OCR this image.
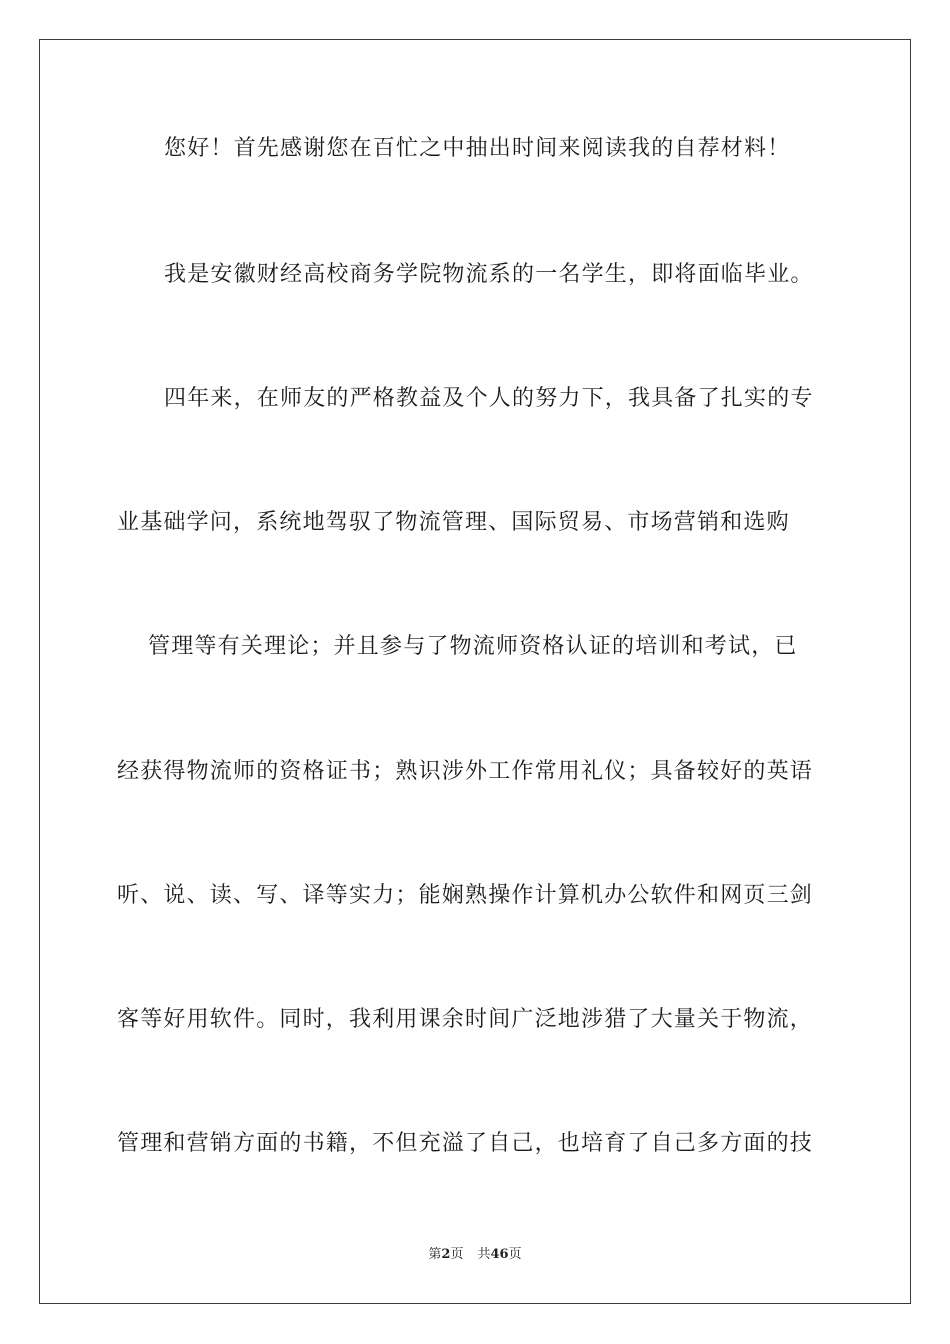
您好！首先感谢您在百忙之中抽出时间来阅读我的自荐材料！
我是安徽财经高校商务学院物流系的一名学生，即将面临毕业。
四年来，在师友的严格教益及个人的努力下，我具备了扎实的专
业基础学问，系统地驾驭了物流管理、国际贸易、市场营销和选购
管理等有关理论；并且参与了物流师资格认证的培训和考试，已
经获得物流师的资格证书；熟识涉外工作常用礼仪；具备较好的英语
听、说、读、写、译等实力；能娴熟操作计算机办公软件和网页三剑
客等好用软件。同时，我利用课余时间广泛地涉猎了大量关于物流，
管理和营销方面的书籍，不但充溢了自己，也培育了自己多方面的技
第2页 共46页
